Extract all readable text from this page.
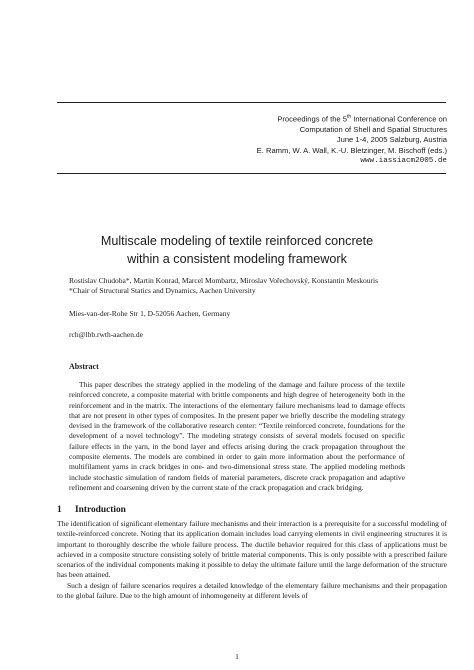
Proceedings of the 5th International Conference on
Computation of Shell and Spatial Structures
June 1-4, 2005 Salzburg, Austria
E. Ramm, W. A. Wall, K.-U. Bletzinger, M. Bischoff (eds.)
www.iassiacm2005.de
Multiscale modeling of textile reinforced concrete
within a consistent modeling framework
Rostislav Chudoba*, Martin Konrad, Marcel Mombartz, Miroslav Vořechovský, Konstantin Meskouris
*Chair of Structural Statics and Dynamics, Aachen University
Mies-van-der-Rohe Str 1, D-52056 Aachen, Germany
rch@lbb.rwth-aachen.de
Abstract

This paper describes the strategy applied in the modeling of the damage and failure process of the textile reinforced concrete, a composite material with brittle components and high degree of heterogeneity both in the reinforcement and in the matrix. The interactions of the elementary failure mechanisms lead to damage effects that are not present in other types of composites. In the present paper we briefly describe the modeling strategy devised in the framework of the collaborative research center: “Textile reinforced concrete, foundations for the development of a novel technology”. The modeling strategy consists of several models focused on specific failure effects in the yarn, in the bond layer and effects arising during the crack propagation throughout the composite elements. The models are combined in order to gain more information about the performance of multifilament yarns in crack bridges in one- and two-dimensional stress state. The applied modeling methods include stochastic simulation of random fields of material parameters, discrete crack propagation and adaptive refinement and coarsening driven by the current state of the crack propagation and crack bridging.

1 Introduction

The identification of significant elementary failure mechanisms and their interaction is a prerequisite for a successful modeling of textile-reinforced concrete. Noting that its application domain includes load carrying elements in civil engineering structures it is important to thoroughly describe the whole failure process. The ductile behavior required for this class of applications must be achieved in a composite structure consisting solely of brittle material components. This is only possible with a prescribed failure scenarios of the individual components making it possible to delay the ultimate failure until the large deformation of the structure has been attained.

Such a design of failure scenarios requires a detailed knowledge of the elementary failure mechanisms and their propagation to the global failure. Due to the high amount of inhomogeneity at different levels of

1
